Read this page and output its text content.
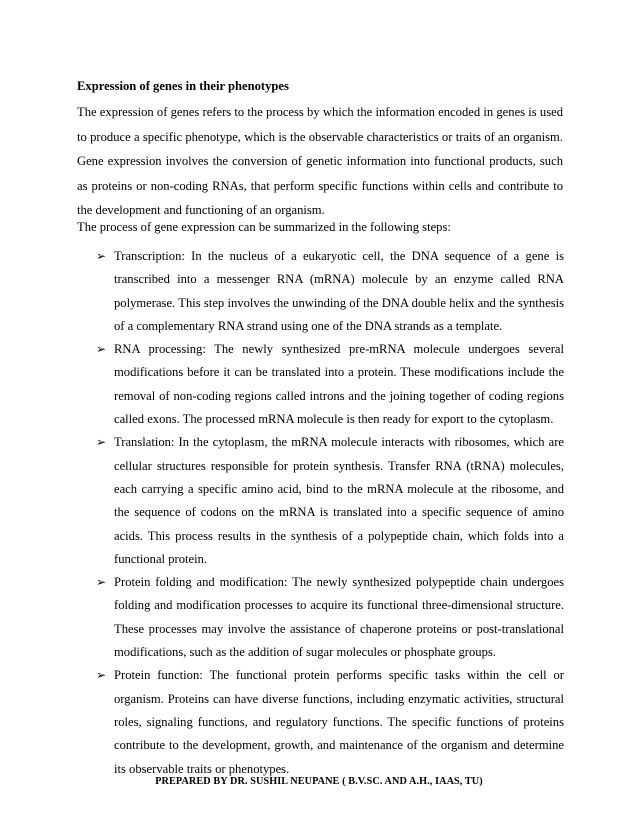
Expression of genes in their phenotypes
The expression of genes refers to the process by which the information encoded in genes is used to produce a specific phenotype, which is the observable characteristics or traits of an organism. Gene expression involves the conversion of genetic information into functional products, such as proteins or non-coding RNAs, that perform specific functions within cells and contribute to the development and functioning of an organism.
The process of gene expression can be summarized in the following steps:
➢ Transcription: In the nucleus of a eukaryotic cell, the DNA sequence of a gene is transcribed into a messenger RNA (mRNA) molecule by an enzyme called RNA polymerase. This step involves the unwinding of the DNA double helix and the synthesis of a complementary RNA strand using one of the DNA strands as a template.
➢ RNA processing: The newly synthesized pre-mRNA molecule undergoes several modifications before it can be translated into a protein. These modifications include the removal of non-coding regions called introns and the joining together of coding regions called exons. The processed mRNA molecule is then ready for export to the cytoplasm.
➢ Translation: In the cytoplasm, the mRNA molecule interacts with ribosomes, which are cellular structures responsible for protein synthesis. Transfer RNA (tRNA) molecules, each carrying a specific amino acid, bind to the mRNA molecule at the ribosome, and the sequence of codons on the mRNA is translated into a specific sequence of amino acids. This process results in the synthesis of a polypeptide chain, which folds into a functional protein.
➢ Protein folding and modification: The newly synthesized polypeptide chain undergoes folding and modification processes to acquire its functional three-dimensional structure. These processes may involve the assistance of chaperone proteins or post-translational modifications, such as the addition of sugar molecules or phosphate groups.
➢ Protein function: The functional protein performs specific tasks within the cell or organism. Proteins can have diverse functions, including enzymatic activities, structural roles, signaling functions, and regulatory functions. The specific functions of proteins contribute to the development, growth, and maintenance of the organism and determine its observable traits or phenotypes.
PREPARED BY DR. SUSHIL NEUPANE ( B.V.SC. AND A.H., IAAS, TU)
